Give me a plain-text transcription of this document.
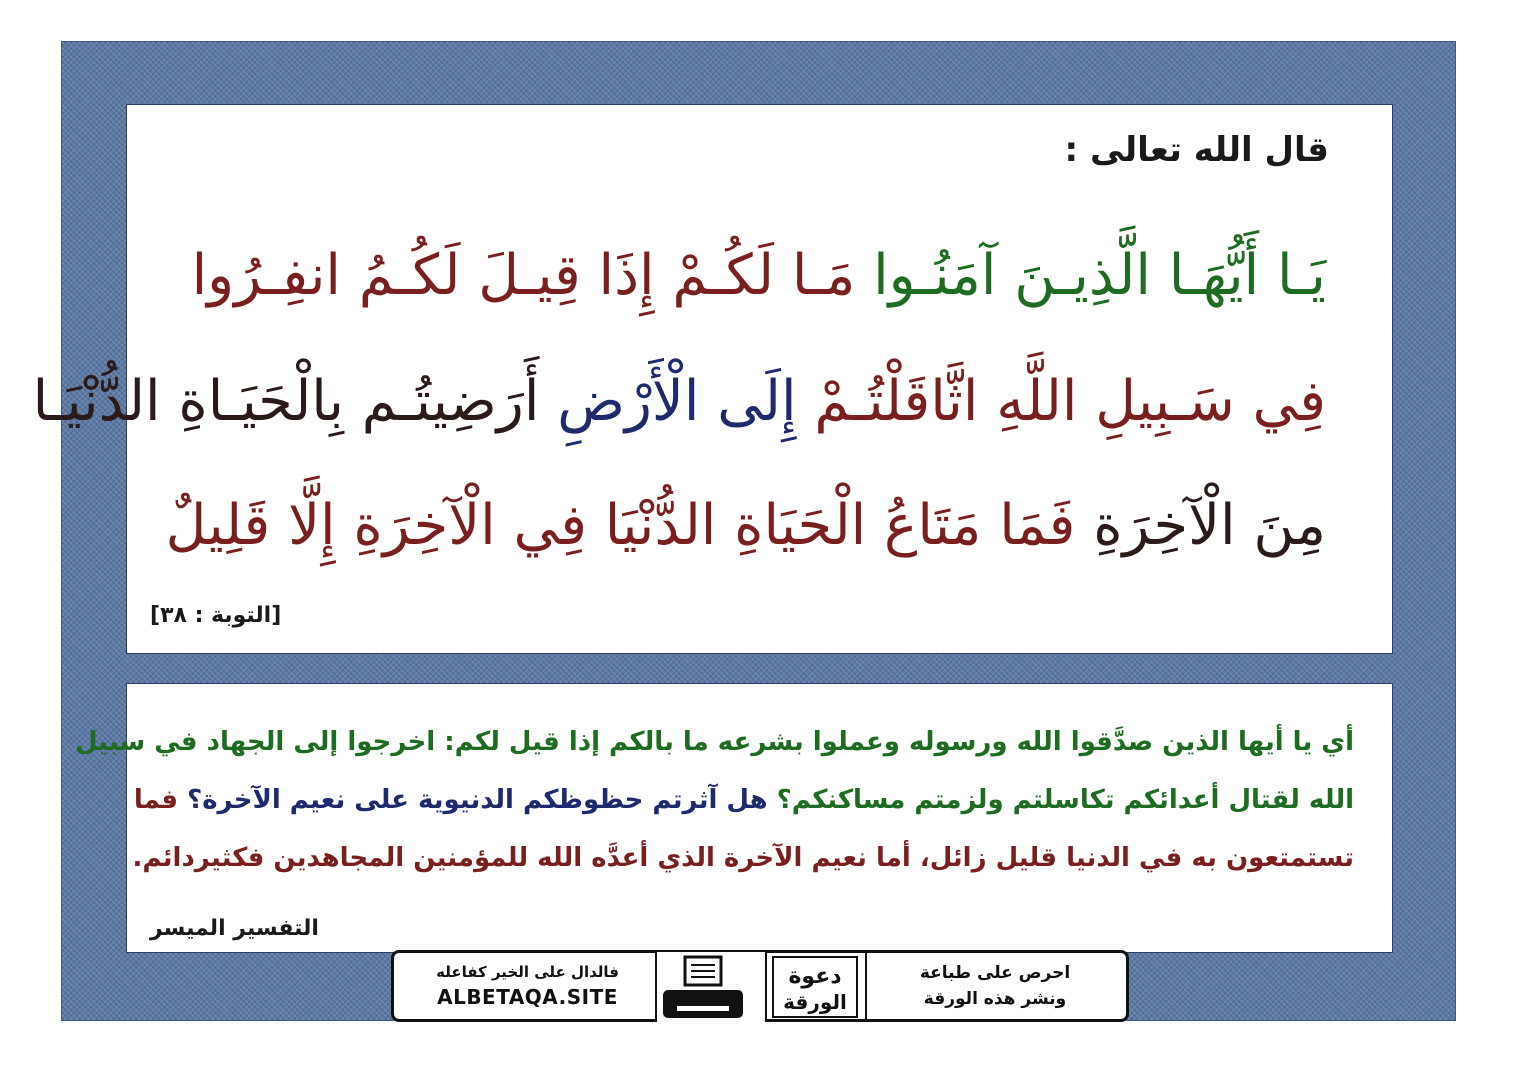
قال الله تعالى :
يَـا أَيُّهَـا الَّذِيـنَ آمَنُـوا مَـا لَكُـمْ إِذَا قِيـلَ لَكُـمُ انفِـرُوا
فِي سَـبِيلِ اللَّهِ اثَّاقَلْتُـمْ إِلَى الْأَرْضِ أَرَضِيتُـم بِالْحَيَـاةِ الدُّنْيَـا
مِنَ الْآخِرَةِ فَمَا مَتَاعُ الْحَيَاةِ الدُّنْيَا فِي الْآخِرَةِ إِلَّا قَلِيلٌ
[التوبة : ٣٨]
أي يا أيها الذين صدَّقوا الله ورسوله وعملوا بشرعه ما بالكم إذا قيل لكم: اخرجوا إلى الجهاد في سبيل
الله لقتال أعدائكم تكاسلتم ولزمتم مساكنكم؟ هل آثرتم حظوظكم الدنيوية على نعيم الآخرة؟ فما
تستمتعون به في الدنيا قليل زائل، أما نعيم الآخرة الذي أعدَّه الله للمؤمنين المجاهدين فكثيردائم.
التفسير الميسر
فالدال على الخير كفاعله
ALBETAQA.SITE
دعوة
الورقة
احرص على طباعة
ونشر هذه الورقة
